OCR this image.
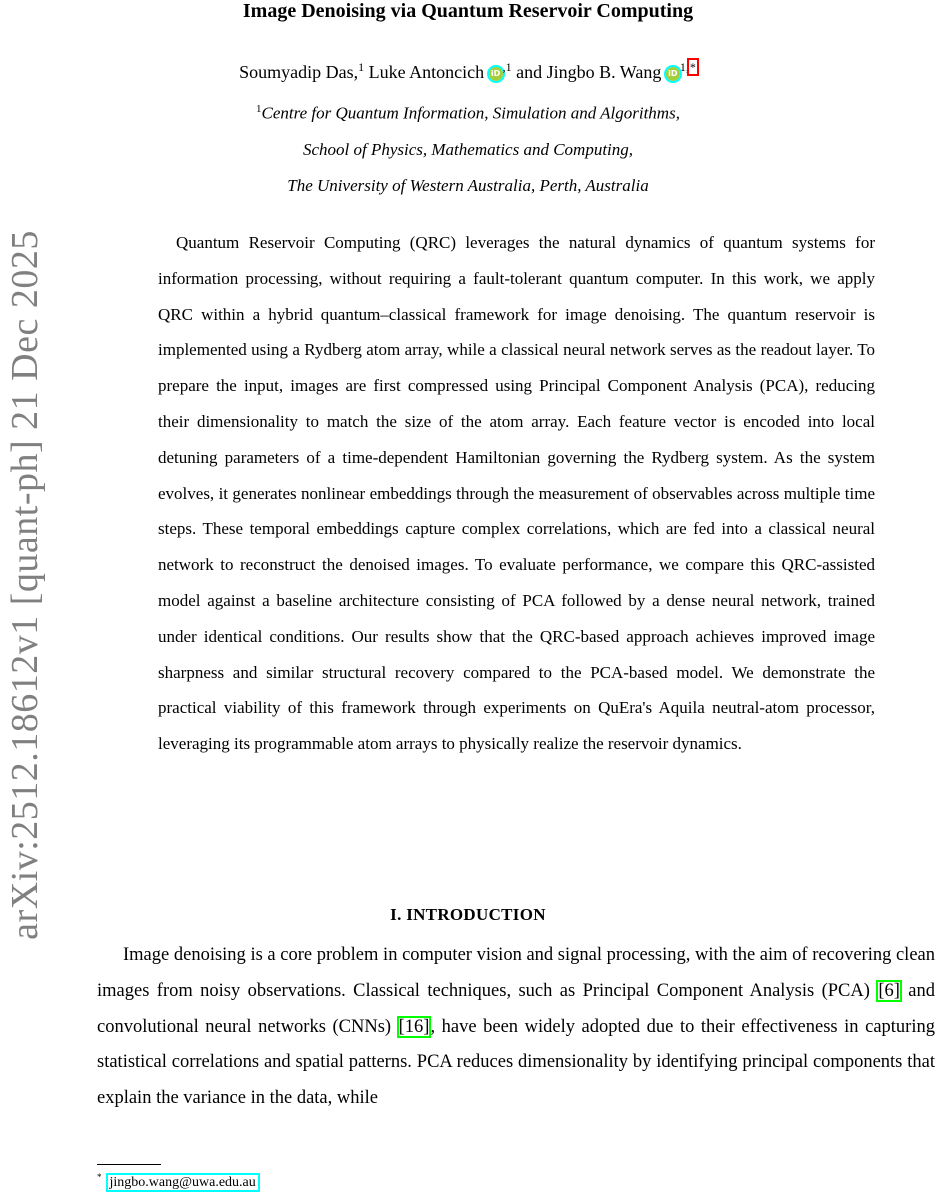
arXiv:2512.18612v1 [quant-ph] 21 Dec 2025
Image Denoising via Quantum Reservoir Computing
Soumyadip Das,$^1$ Luke Antoncich iD $^{,1}$ and Jingbo B. Wang iD $^{1,*}$
$^1$Centre for Quantum Information, Simulation and Algorithms,
School of Physics, Mathematics and Computing,
The University of Western Australia, Perth, Australia
Quantum Reservoir Computing (QRC) leverages the natural dynamics of quantum systems for information processing, without requiring a fault-tolerant quantum computer. In this work, we apply QRC within a hybrid quantum–classical framework for image denoising. The quantum reservoir is implemented using a Rydberg atom array, while a classical neural network serves as the readout layer. To prepare the input, images are first compressed using Principal Component Analysis (PCA), reducing their dimensionality to match the size of the atom array. Each feature vector is encoded into local detuning parameters of a time-dependent Hamiltonian governing the Rydberg system. As the system evolves, it generates nonlinear embeddings through the measurement of observables across multiple time steps. These temporal embeddings capture complex correlations, which are fed into a classical neural network to reconstruct the denoised images. To evaluate performance, we compare this QRC-assisted model against a baseline architecture consisting of PCA followed by a dense neural network, trained under identical conditions. Our results show that the QRC-based approach achieves improved image sharpness and similar structural recovery compared to the PCA-based model. We demonstrate the practical viability of this framework through experiments on QuEra's Aquila neutral-atom processor, leveraging its programmable atom arrays to physically realize the reservoir dynamics.
I. INTRODUCTION
Image denoising is a core problem in computer vision and signal processing, with the aim of recovering clean images from noisy observations. Classical techniques, such as Principal Component Analysis (PCA) [6] and convolutional neural networks (CNNs) [16], have been widely adopted due to their effectiveness in capturing statistical correlations and spatial patterns. PCA reduces dimensionality by identifying principal components that explain the variance in the data, while
* jingbo.wang@uwa.edu.au
